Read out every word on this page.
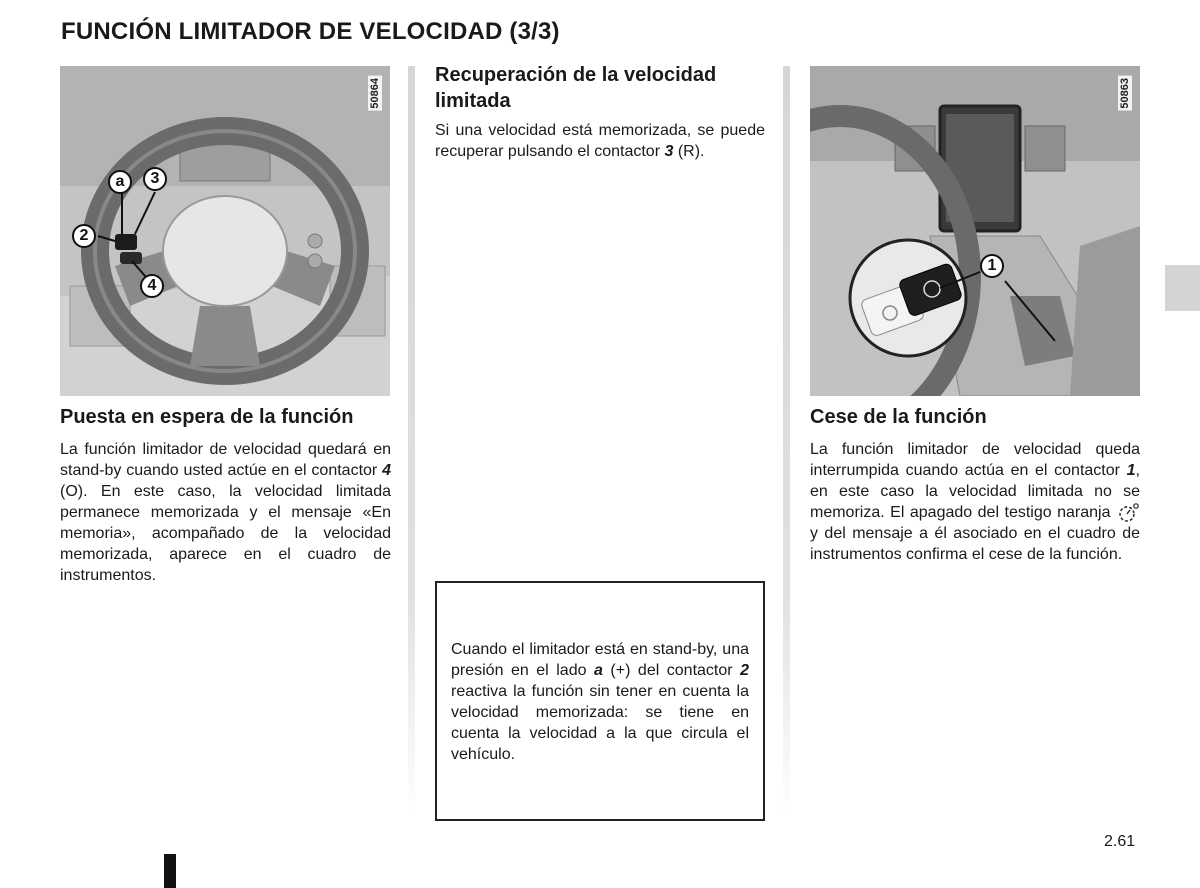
FUNCIÓN LIMITADOR DE VELOCIDAD (3/3)
50864
a	3
2
4
Puesta en espera de la función

La función limitador de velocidad quedará en stand-by cuando usted actúe en el contactor 4 (O). En este caso, la velocidad limitada permanece memorizada y el mensaje «En memoria», acompañado de la velocidad memorizada, aparece en el cuadro de instrumentos.

Recuperación de la velocidad limitada

Si una velocidad está memorizada, se puede recuperar pulsando el contactor 3 (R).

Cuando el limitador está en stand-by, una presión en el lado a (+) del contactor 2 reactiva la función sin tener en cuenta la velocidad memorizada: se tiene en cuenta la velocidad a la que circula el vehículo.

50863
1
Cese de la función

La función limitador de velocidad queda interrumpida cuando actúa en el contactor 1, en este caso la velocidad limitada no se memoriza. El apagado del testigo naranja  y del mensaje a él asociado en el cuadro de instrumentos confirma el cese de la función.

2.61
